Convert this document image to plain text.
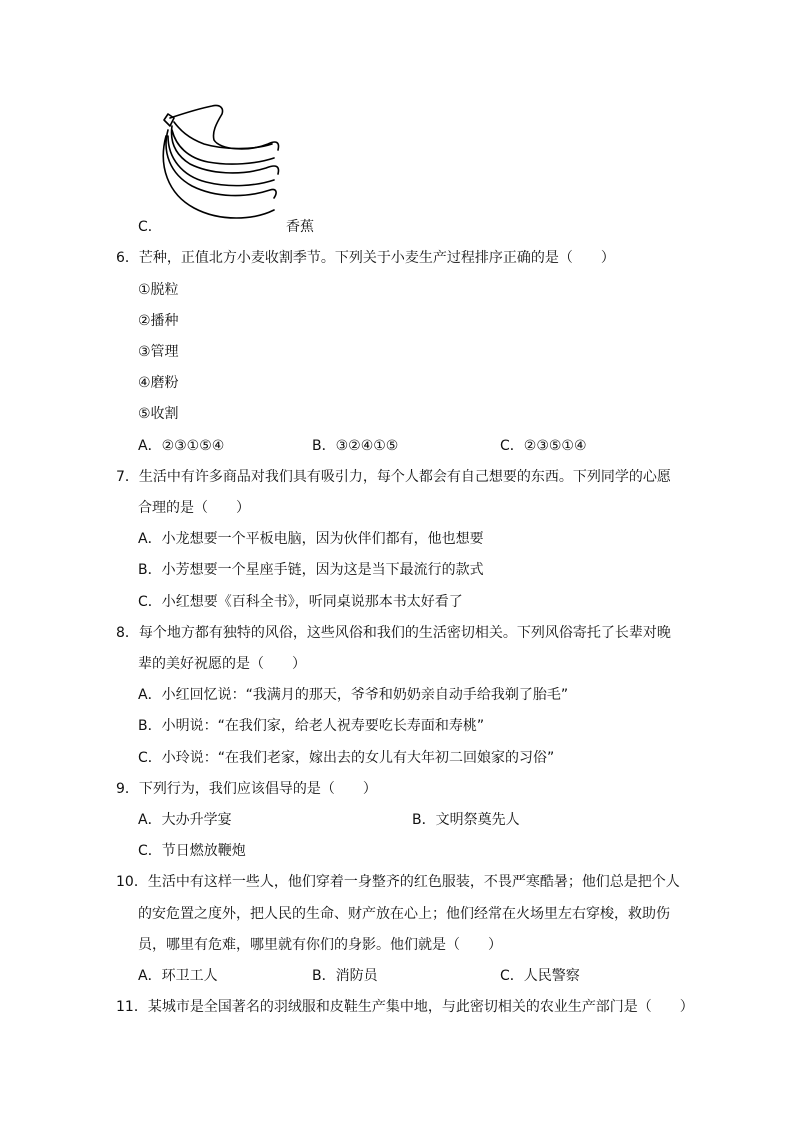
C．	香蕉
6．芒种，正值北方小麦收割季节。下列关于小麦生产过程排序正确的是（　　）
①脱粒
②播种
③管理
④磨粉
⑤收割
A．②③①⑤④	B．③②④①⑤	C．②③⑤①④
7．生活中有许多商品对我们具有吸引力，每个人都会有自己想要的东西。下列同学的心愿
合理的是（　　）
A．小龙想要一个平板电脑，因为伙伴们都有，他也想要
B．小芳想要一个星座手链，因为这是当下最流行的款式
C．小红想要《百科全书》，听同桌说那本书太好看了
8．每个地方都有独特的风俗，这些风俗和我们的生活密切相关。下列风俗寄托了长辈对晚
辈的美好祝愿的是（　　）
A．小红回忆说：“我满月的那天，爷爷和奶奶亲自动手给我剃了胎毛”
B．小明说：“在我们家，给老人祝寿要吃长寿面和寿桃”
C．小玲说：“在我们老家，嫁出去的女儿有大年初二回娘家的习俗”
9．下列行为，我们应该倡导的是（　　）
A．大办升学宴	B．文明祭奠先人
C．节日燃放鞭炮
10．生活中有这样一些人，他们穿着一身整齐的红色服装，不畏严寒酷暑；他们总是把个人
的安危置之度外，把人民的生命、财产放在心上；他们经常在火场里左右穿梭，救助伤
员，哪里有危难，哪里就有你们的身影。他们就是（　　）
A．环卫工人	B．消防员	C．人民警察
11．某城市是全国著名的羽绒服和皮鞋生产集中地，与此密切相关的农业生产部门是（　　）
